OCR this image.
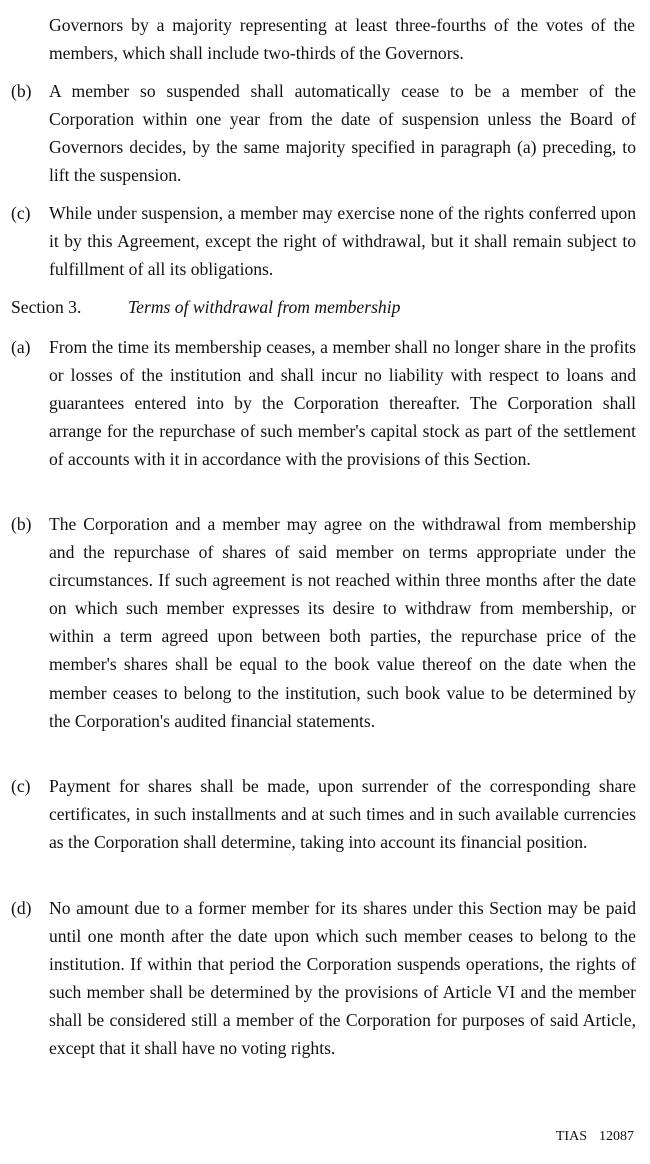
Governors by a majority representing at least three-fourths of the votes of the members, which shall include two-thirds of the Governors.
(b) A member so suspended shall automatically cease to be a member of the Corporation within one year from the date of suspension unless the Board of Governors decides, by the same majority specified in paragraph (a) preceding, to lift the suspension.
(c) While under suspension, a member may exercise none of the rights conferred upon it by this Agreement, except the right of withdrawal, but it shall remain subject to fulfillment of all its obligations.
Section 3.	Terms of withdrawal from membership
(a) From the time its membership ceases, a member shall no longer share in the profits or losses of the institution and shall incur no liability with respect to loans and guarantees entered into by the Corporation thereafter. The Corporation shall arrange for the repurchase of such member's capital stock as part of the settlement of accounts with it in accordance with the provisions of this Section.
(b) The Corporation and a member may agree on the withdrawal from membership and the repurchase of shares of said member on terms appropriate under the circumstances. If such agreement is not reached within three months after the date on which such member expresses its desire to withdraw from membership, or within a term agreed upon between both parties, the repurchase price of the member's shares shall be equal to the book value thereof on the date when the member ceases to belong to the institution, such book value to be determined by the Corporation's audited financial statements.
(c) Payment for shares shall be made, upon surrender of the corresponding share certificates, in such installments and at such times and in such available currencies as the Corporation shall determine, taking into account its financial position.
(d) No amount due to a former member for its shares under this Section may be paid until one month after the date upon which such member ceases to belong to the institution. If within that period the Corporation suspends operations, the rights of such member shall be determined by the provisions of Article VI and the member shall be considered still a member of the Corporation for purposes of said Article, except that it shall have no voting rights.
TIAS 12087
